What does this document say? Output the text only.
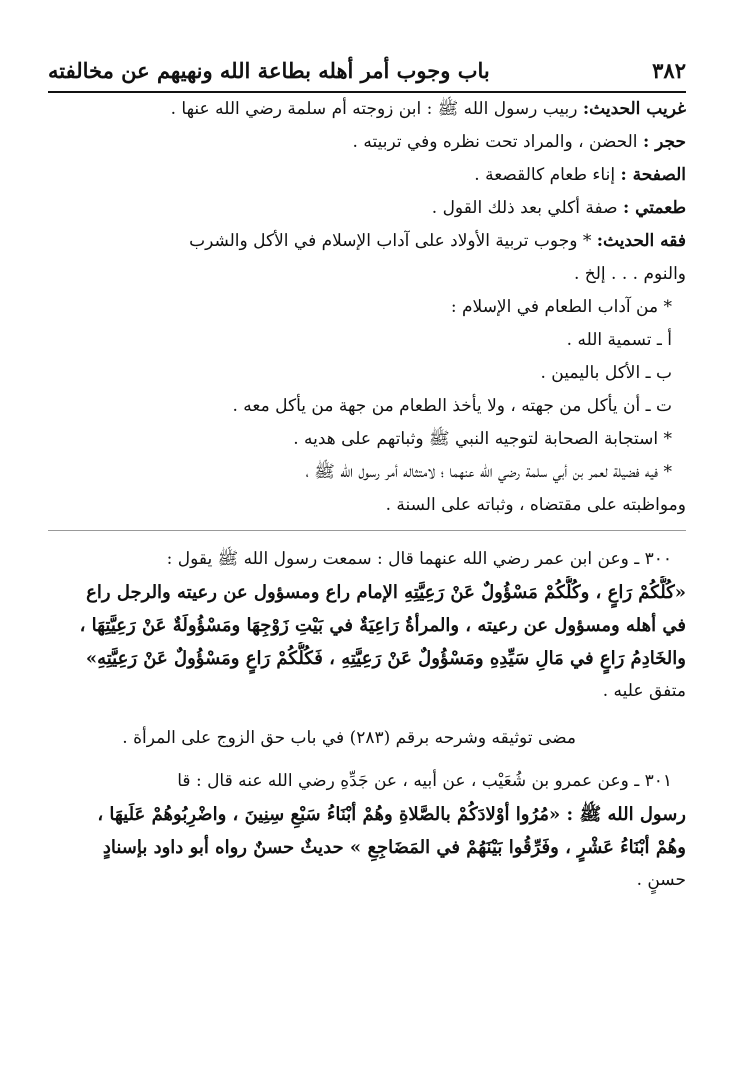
٣٨٢
باب وجوب أمر أهله بطاعة الله ونهيهم عن مخالفته
غريب الحديث: ربيب رسول الله ﷺ : ابن زوجته أم سلمة رضي الله عنها .
حجر : الحضن ، والمراد تحت نظره وفي تربيته .
الصفحة : إناء طعام كالقصعة .
طعمتي : صفة أكلي بعد ذلك القول .
فقه الحديث: * وجوب تربية الأولاد على آداب الإسلام في الأكل والشرب
والنوم . . . إلخ .
* من آداب الطعام في الإسلام :
أ ـ تسمية الله .
ب ـ الأكل باليمين .
ت ـ أن يأكل من جهته ، ولا يأخذ الطعام من جهة من يأكل معه .
* استجابة الصحابة لتوجيه النبي ﷺ وثباتهم على هديه .
* فيه فضيلة لعمر بن أبي سلمة رضي الله عنهما ؛ لامتثاله أمر رسول الله ﷺ ،
ومواظبته على مقتضاه ، وثباته على السنة .
٣٠٠ ـ وعن ابن عمر رضي الله عنهما قال : سمعت رسول الله ﷺ يقول :
«كُلُّكُمْ رَاعٍ ، وكُلُّكُمْ مَسْؤُولٌ عَنْ رَعِيَّتِهِ الإمام راع ومسؤول عن رعيته والرجل راع
في أهله ومسؤول عن رعيته ، والمرأةُ رَاعِيَةٌ في بَيْتِ زَوْجِهَا ومَسْؤُولَةٌ عَنْ رَعِيَّتِهَا ،
والخَادِمُ رَاعٍ في مَالِ سَيِّدِهِ ومَسْؤُولٌ عَنْ رَعِيَّتِهِ ، فَكُلُّكُمْ رَاعٍ ومَسْؤُولٌ عَنْ رَعِيَّتِهِ»
متفق عليه .
مضى توثيقه وشرحه برقم (٢٨٣) في باب حق الزوج على المرأة .
٣٠١ ـ وعن عمرو بن شُعَيْب ، عن أبيه ، عن جَدِّهِ رضي الله عنه قال : قا
رسول الله ﷺ : «مُرُوا أوْلادَكُمْ بالصَّلاةِ وهُمْ أبْنَاءُ سَبْعِ سِنِينَ ، واضْرِبُوهُمْ عَلَيهَا ،
وهُمْ أبْنَاءُ عَشْرٍ ، وفَرِّقُوا بَيْنَهُمْ في المَضَاجِعِ » حديثٌ حسنٌ رواه أبو داود بإسنادٍ
حسنٍ .
